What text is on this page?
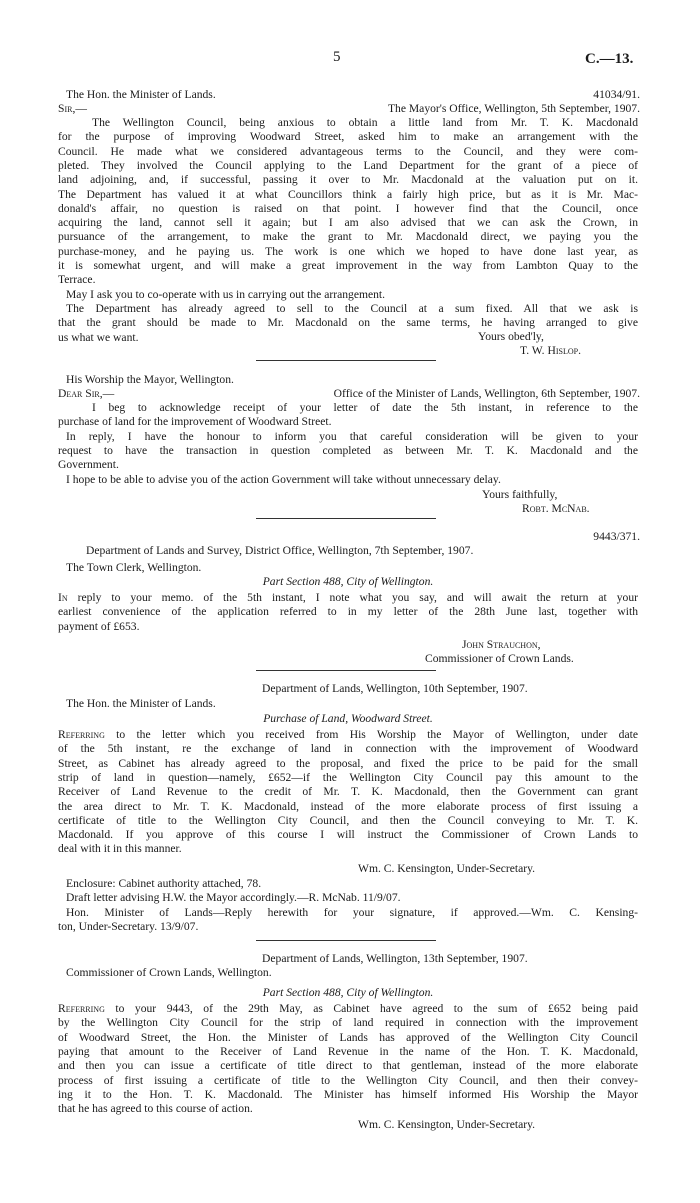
5	C.—13.
The Hon. the Minister of Lands.	41034/91.
Sir,—	The Mayor's Office, Wellington, 5th September, 1907.
The Wellington Council, being anxious to obtain a little land from Mr. T. K. Macdonald
for the purpose of improving Woodward Street, asked him to make an arrangement with the
Council. He made what we considered advantageous terms to the Council, and they were com-
pleted. They involved the Council applying to the Land Department for the grant of a piece of
land adjoining, and, if successful, passing it over to Mr. Macdonald at the valuation put on it.
The Department has valued it at what Councillors think a fairly high price, but as it is Mr. Mac-
donald's affair, no question is raised on that point. I however find that the Council, once
acquiring the land, cannot sell it again; but I am also advised that we can ask the Crown, in
pursuance of the arrangement, to make the grant to Mr. Macdonald direct, we paying you the
purchase-money, and he paying us. The work is one which we hoped to have done last year, as
it is somewhat urgent, and will make a great improvement in the way from Lambton Quay to the
Terrace.
May I ask you to co-operate with us in carrying out the arrangement.
The Department has already agreed to sell to the Council at a sum fixed. All that we ask is
that the grant should be made to Mr. Macdonald on the same terms, he having arranged to give
us what we want.	Yours obed'ly,
T. W. Hislop.
His Worship the Mayor, Wellington.
Dear Sir,—	Office of the Minister of Lands, Wellington, 6th September, 1907.
I beg to acknowledge receipt of your letter of date the 5th instant, in reference to the
purchase of land for the improvement of Woodward Street.
In reply, I have the honour to inform you that careful consideration will be given to your
request to have the transaction in question completed as between Mr. T. K. Macdonald and the
Government.
I hope to be able to advise you of the action Government will take without unnecessary delay.
Yours faithfully,
Robt. McNab.
9443/371.
Department of Lands and Survey, District Office, Wellington, 7th September, 1907.
The Town Clerk, Wellington.
Part Section 488, City of Wellington.
In reply to your memo. of the 5th instant, I note what you say, and will await the return at your
earliest convenience of the application referred to in my letter of the 28th June last, together with
payment of £653.
John Strauchon,
Commissioner of Crown Lands.
Department of Lands, Wellington, 10th September, 1907.
The Hon. the Minister of Lands.
Purchase of Land, Woodward Street.
Referring to the letter which you received from His Worship the Mayor of Wellington, under date
of the 5th instant, re the exchange of land in connection with the improvement of Woodward
Street, as Cabinet has already agreed to the proposal, and fixed the price to be paid for the small
strip of land in question—namely, £652—if the Wellington City Council pay this amount to the
Receiver of Land Revenue to the credit of Mr. T. K. Macdonald, then the Government can grant
the area direct to Mr. T. K. Macdonald, instead of the more elaborate process of first issuing a
certificate of title to the Wellington City Council, and then the Council conveying to Mr. T. K.
Macdonald. If you approve of this course I will instruct the Commissioner of Crown Lands to
deal with it in this manner.
Wm. C. Kensington, Under-Secretary.
Enclosure: Cabinet authority attached, 78.
Draft letter advising H.W. the Mayor accordingly.—R. McNab. 11/9/07.
Hon. Minister of Lands—Reply herewith for your signature, if approved.—Wm. C. Kensing-
ton, Under-Secretary. 13/9/07.
Department of Lands, Wellington, 13th September, 1907.
Commissioner of Crown Lands, Wellington.
Part Section 488, City of Wellington.
Referring to your 9443, of the 29th May, as Cabinet have agreed to the sum of £652 being paid
by the Wellington City Council for the strip of land required in connection with the improvement
of Woodward Street, the Hon. the Minister of Lands has approved of the Wellington City Council
paying that amount to the Receiver of Land Revenue in the name of the Hon. T. K. Macdonald,
and then you can issue a certificate of title direct to that gentleman, instead of the more elaborate
process of first issuing a certificate of title to the Wellington City Council, and then their convey-
ing it to the Hon. T. K. Macdonald. The Minister has himself informed His Worship the Mayor
that he has agreed to this course of action.
Wm. C. Kensington, Under-Secretary.
